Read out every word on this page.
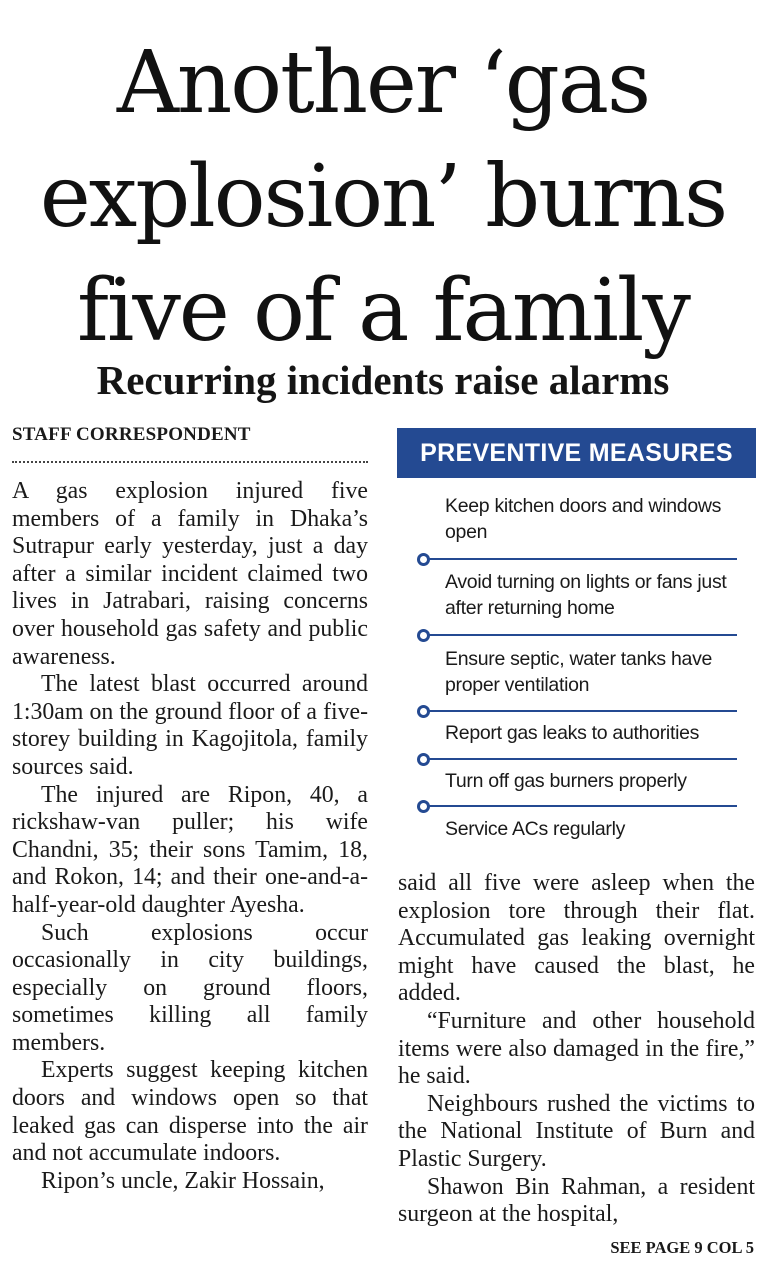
Another ‘gas
explosion’ burns
five of a family
Recurring incidents raise alarms
STAFF CORRESPONDENT

A gas explosion injured five members of a family in Dhaka’s Sutrapur early yesterday, just a day after a similar incident claimed two lives in Jatrabari, raising concerns over household gas safety and public awareness.

The latest blast occurred around 1:30am on the ground floor of a five-storey building in Kagojitola, family sources said.

The injured are Ripon, 40, a rickshaw-van puller; his wife Chandni, 35; their sons Tamim, 18, and Rokon, 14; and their one-and-a-half-year-old daughter Ayesha.

Such explosions occur occasionally in city buildings, especially on ground floors, sometimes killing all family members.

Experts suggest keeping kitchen doors and windows open so that leaked gas can disperse into the air and not accumulate indoors.

Ripon’s uncle, Zakir Hossain,

PREVENTIVE MEASURES
Keep kitchen doors and windows open
Avoid turning on lights or fans just after returning home
Ensure septic, water tanks have proper ventilation
Report gas leaks to authorities
Turn off gas burners properly
Service ACs regularly

said all five were asleep when the explosion tore through their flat. Accumulated gas leaking overnight might have caused the blast, he added.

“Furniture and other household items were also damaged in the fire,” he said.

Neighbours rushed the victims to the National Institute of Burn and Plastic Surgery.

Shawon Bin Rahman, a resident surgeon at the hospital,

SEE PAGE 9 COL 5
